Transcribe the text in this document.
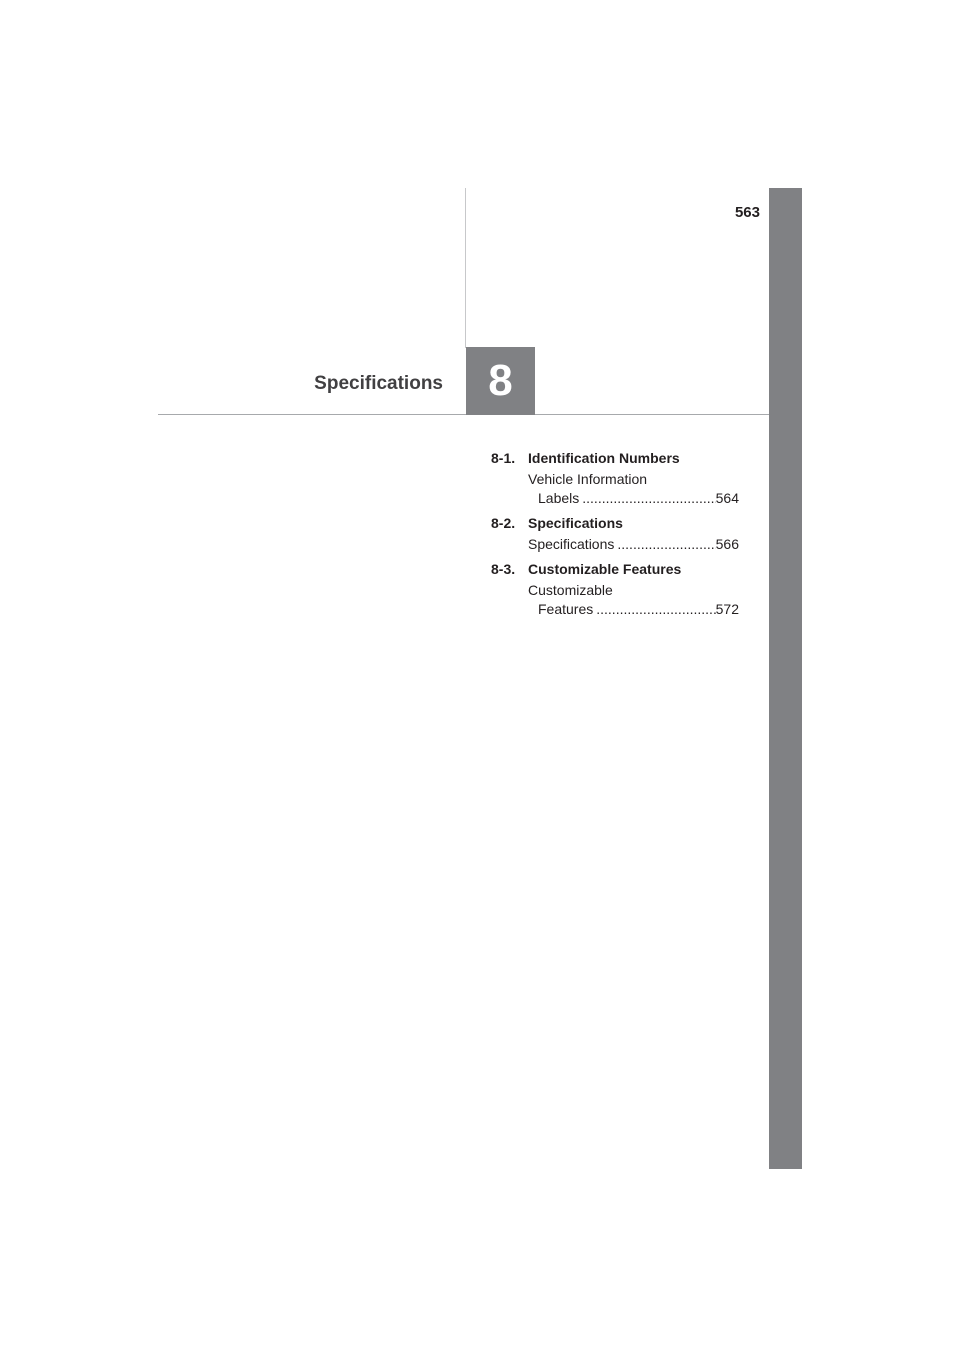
563
Specifications 8
8-1. Identification Numbers
Vehicle Information
Labels .....	564
8-2. Specifications
Specifications .....	566
8-3. Customizable Features
Customizable
Features .....	572
